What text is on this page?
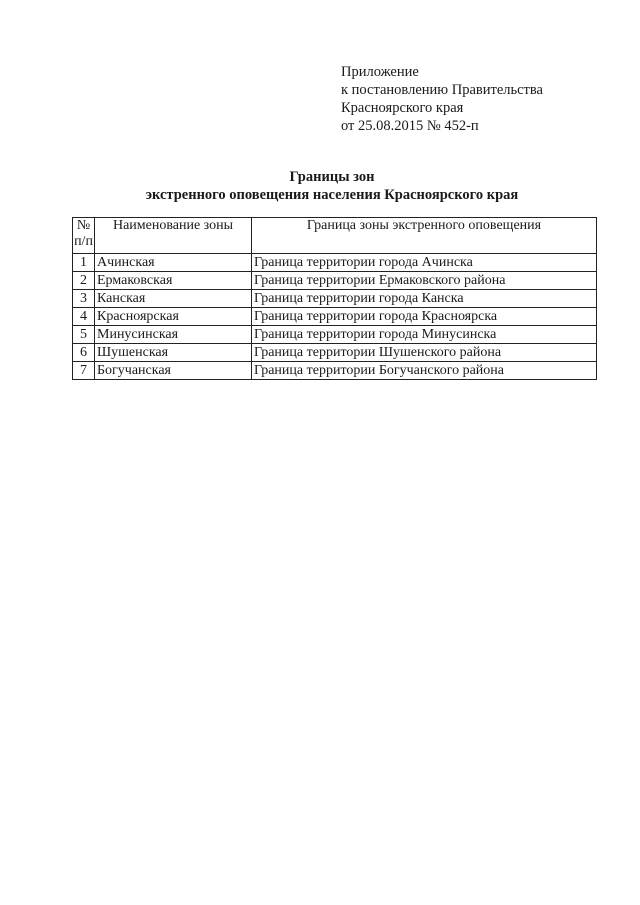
Приложение
к постановлению Правительства
Красноярского края
от 25.08.2015 № 452-п
Границы зон
экстренного оповещения населения Красноярского края
№
п/п	Наименование зоны	Граница зоны экстренного оповещения
1	Ачинская	Граница территории города Ачинска
2	Ермаковская	Граница территории Ермаковского района
3	Канская	Граница территории города Канска
4	Красноярская	Граница территории города Красноярска
5	Минусинская	Граница территории города Минусинска
6	Шушенская	Граница территории Шушенского района
7	Богучанская	Граница территории Богучанского района
